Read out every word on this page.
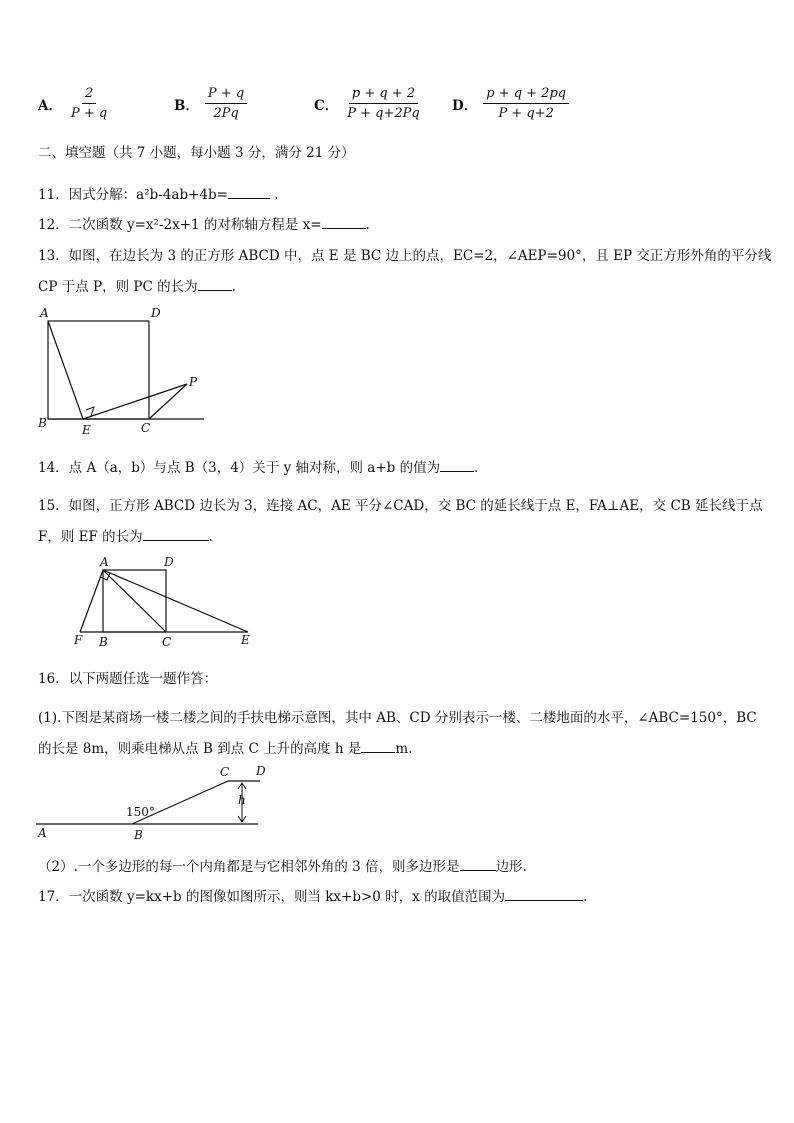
A． $\frac{2}{P + q}$	B． $\frac{P + q}{2Pq}$	C． $\frac{p + q + 2}{P + q+2Pq}$ D． $\frac{p + q + 2pq}{P + q+2}$
二、填空题（共 7 小题，每小题 3 分，满分 21 分）
11．因式分解：a²b-4ab+4b=	.
12．二次函数 y=x²-2x+1 的对称轴方程是 x=	.
13．如图，在边长为 3 的正方形 ABCD 中，点 E 是 BC 边上的点，EC=2，∠AEP=90°，且 EP 交正方形外角的平分线
CP 于点 P，则 PC 的长为	.
A	D
B	E	C
P
14．点 A（a，b）与点 B（3，4）关于 y 轴对称，则 a+b 的值为	．
15．如图，正方形 ABCD 边长为 3，连接 AC，AE 平分∠CAD，交 BC 的延长线于点 E，FA⊥AE，交 CB 延长线于点
F，则 EF 的长为	.
A	D
F B	C	E
16．以下两题任选一题作答：
(1).下图是某商场一楼二楼之间的手扶电梯示意图，其中 AB、CD 分别表示一楼、二楼地面的水平，∠ABC=150°，BC
的长是 8m，则乘电梯从点 B 到点 C 上升的高度 h 是	m.
C D
h
150°
A	B
（2）.一个多边形的每一个内角都是与它相邻外角的 3 倍，则多边形是	边形.
17．一次函数 y=kx+b 的图像如图所示，则当 kx+b>0 时，x 的取值范围为	.
